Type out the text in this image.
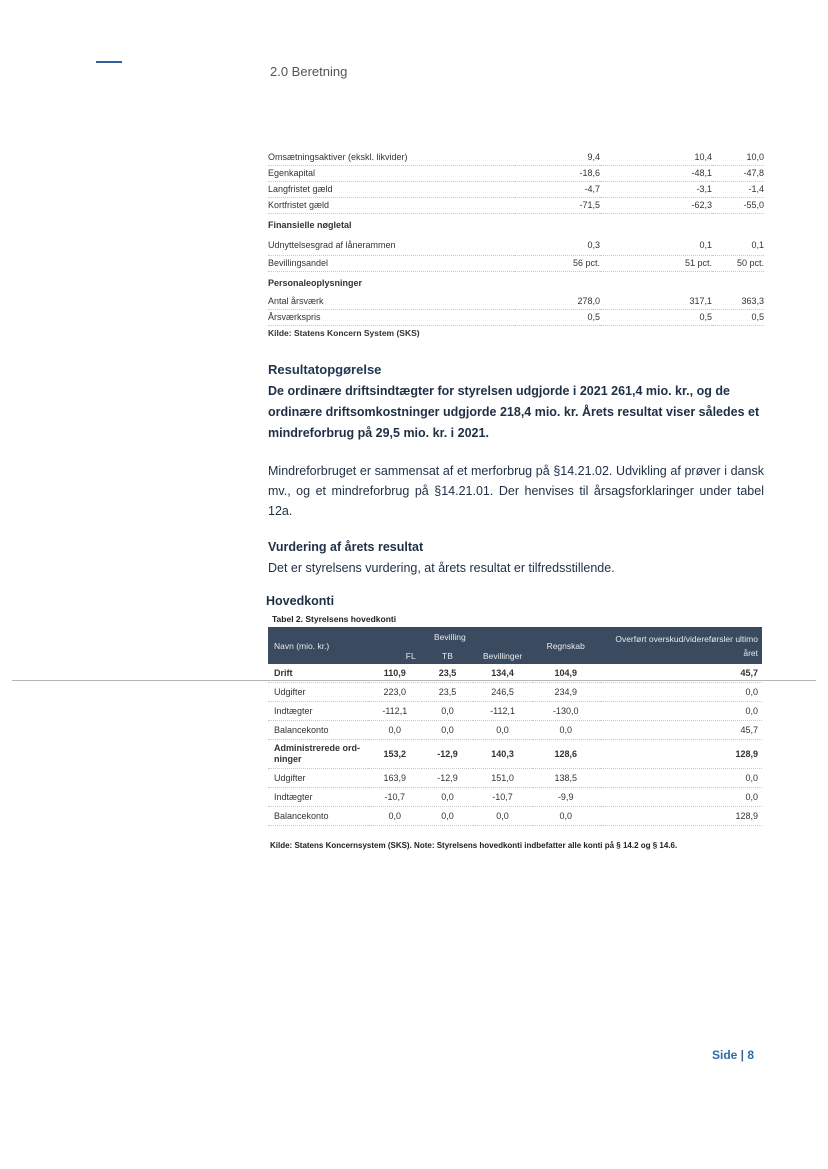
2.0 Beretning
Omsætningsaktiver (ekskl. likvider)	9,4	10,4	10,0
Egenkapital	-18,6	-48,1	-47,8
Langfristet gæld	-4,7	-3,1	-1,4
Kortfristet gæld	-71,5	-62,3	-55,0
Finansielle nøgletal			
Udnyttelsesgrad af lånerammen	0,3	0,1	0,1
Bevillingsandel	56 pct.	51 pct.	50 pct.
Personaleoplysninger			
Antal årsværk	278,0	317,1	363,3
Årsværkspris	0,5	0,5	0,5
Kilde: Statens Koncern System (SKS)			
Resultatopgørelse

De ordinære driftsindtægter for styrelsen udgjorde i 2021 261,4 mio. kr., og de ordinære driftsomkostninger udgjorde 218,4 mio. kr. Årets resultat viser således et mindreforbrug på 29,5 mio. kr. i 2021.

Mindreforbruget er sammensat af et merforbrug på §14.21.02. Udvikling af prøver i dansk mv., og et mindreforbrug på §14.21.01. Der henvises til årsagsforklaringer under tabel 12a.

Vurdering af årets resultat

Det er styrelsens vurdering, at årets resultat er tilfredsstillende.

Hovedkonti
Tabel 2. Styrelsens hovedkonti
Navn (mio. kr.)	Bevilling			Regnskab	Overført overskud/videreførsler ultimo året
	FL	TB	Bevillinger		
Drift	110,9	23,5	134,4	104,9	45,7
Udgifter	223,0	23,5	246,5	234,9	0,0
Indtægter	-112,1	0,0	-112,1	-130,0	0,0
Balancekonto	0,0	0,0	0,0	0,0	45,7
Administrerede ord-ninger	153,2	-12,9	140,3	128,6	128,9
Udgifter	163,9	-12,9	151,0	138,5	0,0
Indtægter	-10,7	0,0	-10,7	-9,9	0,0
Balancekonto	0,0	0,0	0,0	0,0	128,9
Kilde: Statens Koncernsystem (SKS). Note: Styrelsens hovedkonti indbefatter alle konti på § 14.2 og § 14.6.
Side | 8
